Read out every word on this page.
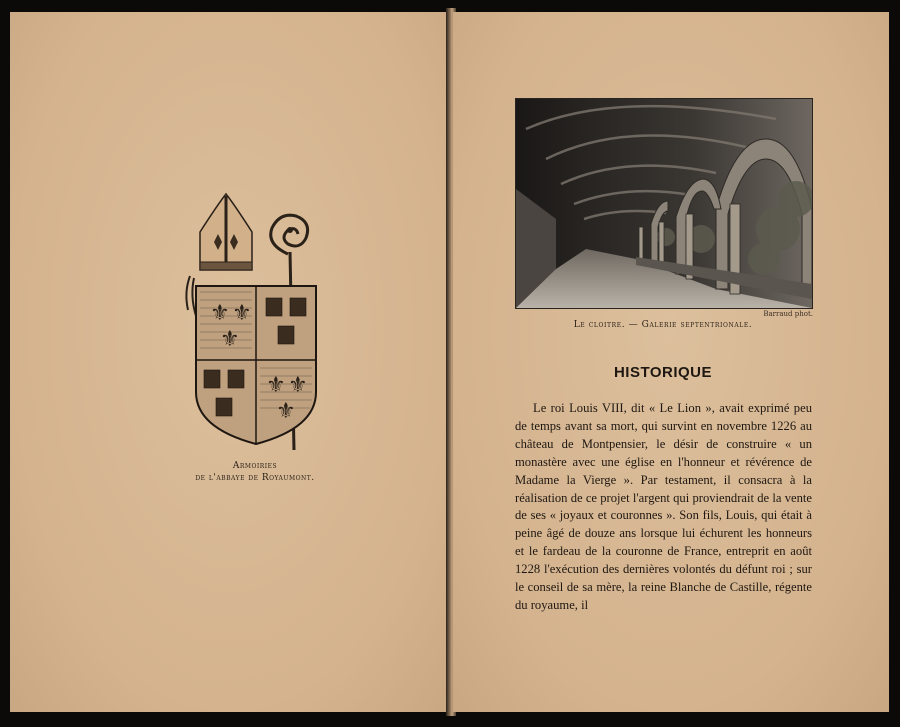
⚜ ⚜
⚜
⚜ ⚜
⚜
Armoiries
de l'abbaye de Royaumont.
Barraud phot.
Le cloitre. — Galerie septentrionale.
HISTORIQUE

Le roi Louis VIII, dit « Le Lion », avait exprimé peu de temps avant sa mort, qui survint en novembre 1226 au château de Montpensier, le désir de construire « un monastère avec une église en l'honneur et révérence de Madame la Vierge ». Par testament, il consacra à la réalisation de ce projet l'argent qui proviendrait de la vente de ses « joyaux et couronnes ». Son fils, Louis, qui était à peine âgé de douze ans lorsque lui échurent les honneurs et le fardeau de la couronne de France, entreprit en août 1228 l'exécution des dernières volontés du défunt roi ; sur le conseil de sa mère, la reine Blanche de Castille, régente du royaume, il
